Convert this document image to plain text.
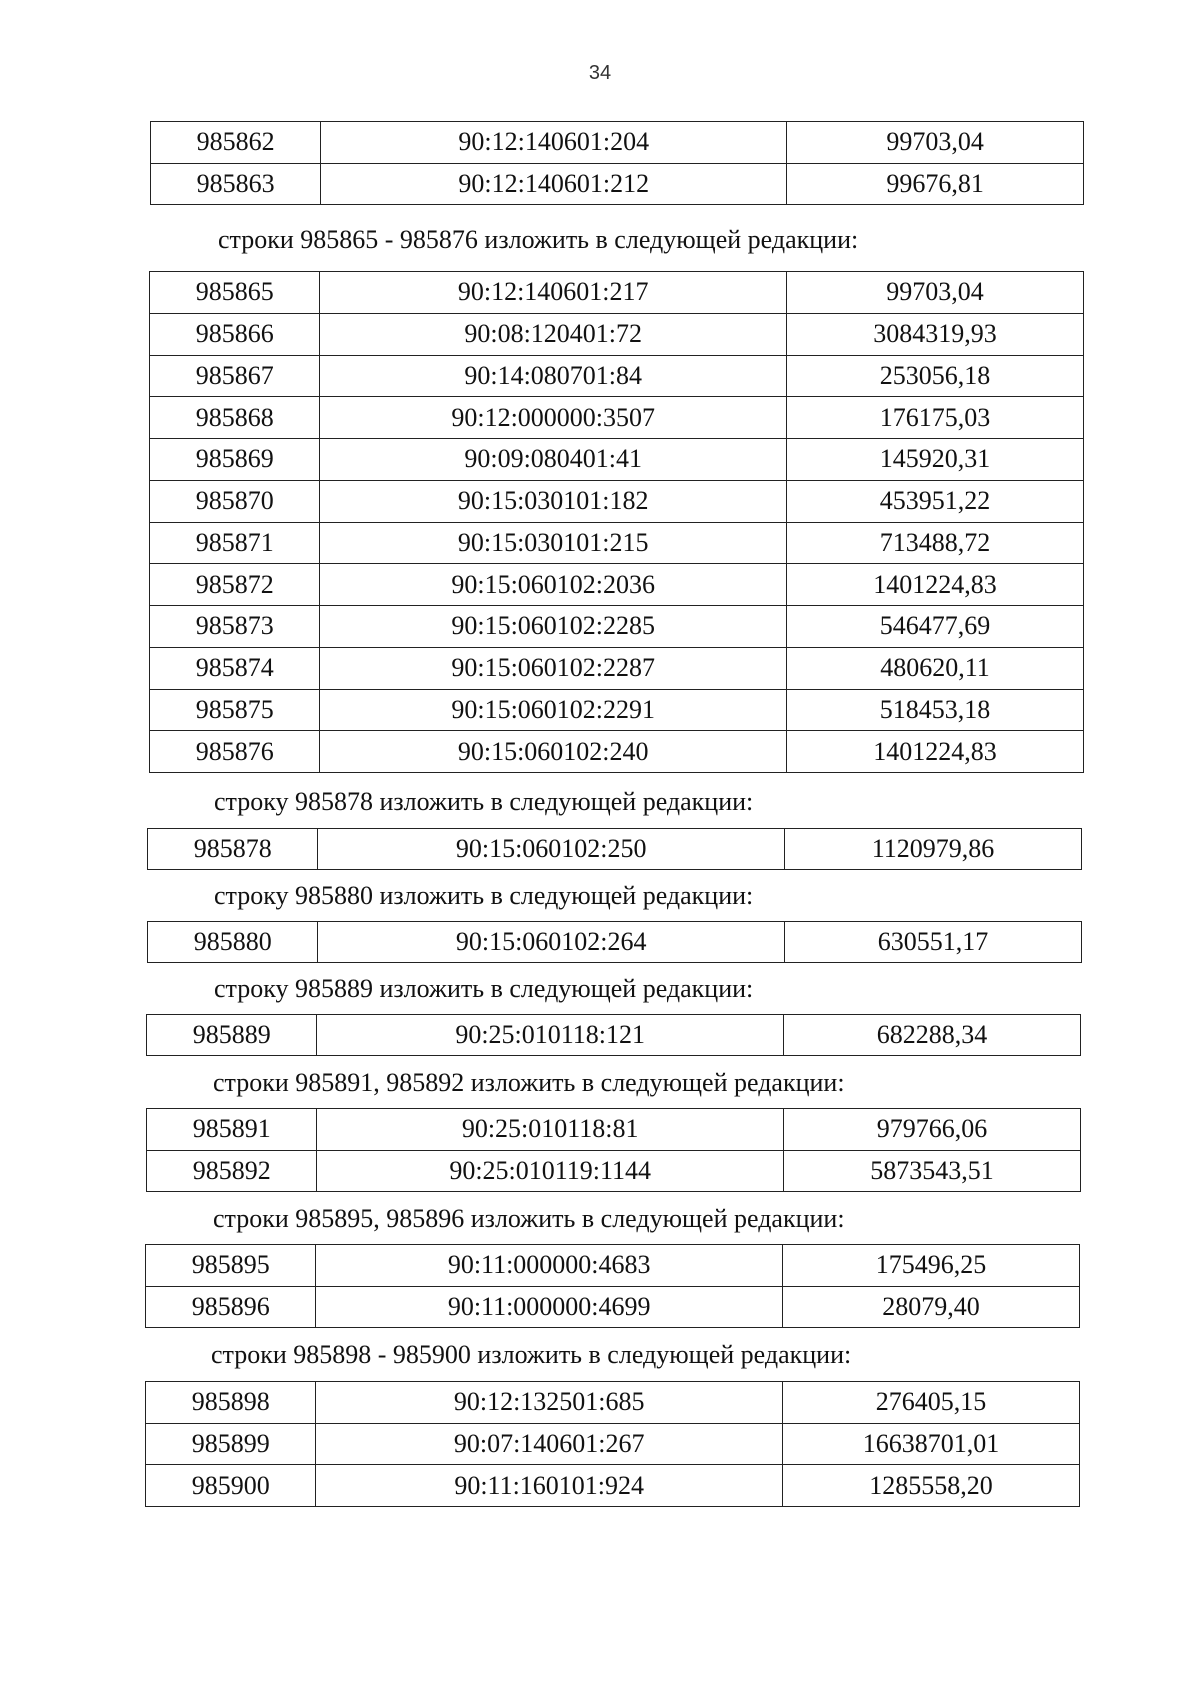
34
985862	90:12:140601:204	99703,04
985863	90:12:140601:212	99676,81
строки 985865 - 985876 изложить в следующей редакции:
985865	90:12:140601:217	99703,04
985866	90:08:120401:72	3084319,93
985867	90:14:080701:84	253056,18
985868	90:12:000000:3507	176175,03
985869	90:09:080401:41	145920,31
985870	90:15:030101:182	453951,22
985871	90:15:030101:215	713488,72
985872	90:15:060102:2036	1401224,83
985873	90:15:060102:2285	546477,69
985874	90:15:060102:2287	480620,11
985875	90:15:060102:2291	518453,18
985876	90:15:060102:240	1401224,83
строку 985878 изложить в следующей редакции:
985878	90:15:060102:250	1120979,86
строку 985880 изложить в следующей редакции:
985880	90:15:060102:264	630551,17
строку 985889 изложить в следующей редакции:
985889	90:25:010118:121	682288,34
строки 985891, 985892 изложить в следующей редакции:
985891	90:25:010118:81	979766,06
985892	90:25:010119:1144	5873543,51
строки 985895, 985896 изложить в следующей редакции:
985895	90:11:000000:4683	175496,25
985896	90:11:000000:4699	28079,40
строки 985898 - 985900 изложить в следующей редакции:
985898	90:12:132501:685	276405,15
985899	90:07:140601:267	16638701,01
985900	90:11:160101:924	1285558,20
